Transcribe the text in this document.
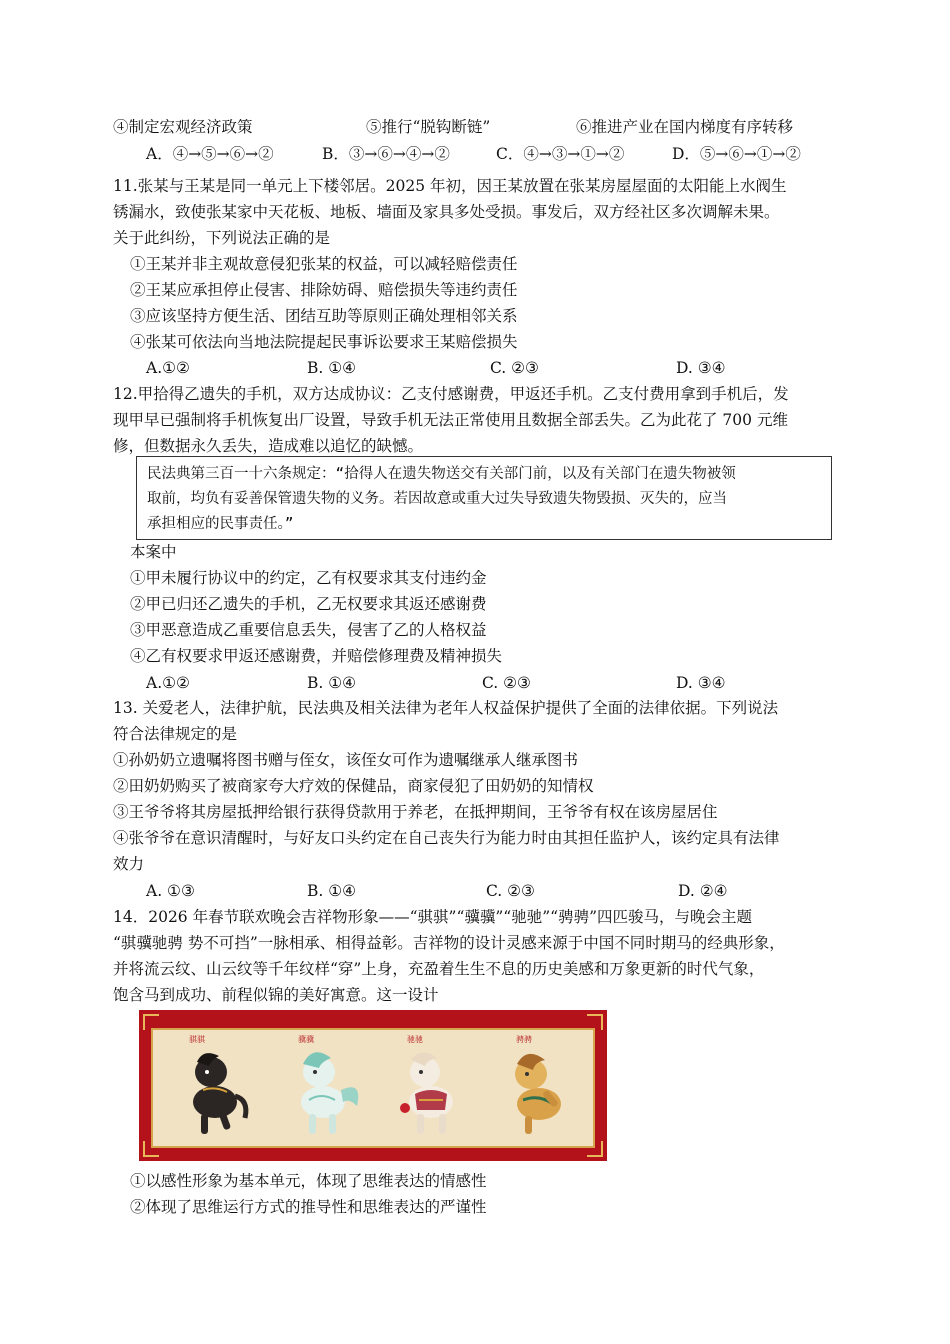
④制定宏观经济政策	⑤推行“脱钩断链”	⑥推进产业在国内梯度有序转移
A．④→⑤→⑥→②	B．③→⑥→④→②	C．④→③→①→②	D．⑤→⑥→①→②
11.张某与王某是同一单元上下楼邻居。2025 年初，因王某放置在张某房屋屋面的太阳能上水阀生
锈漏水，致使张某家中天花板、地板、墙面及家具多处受损。事发后，双方经社区多次调解未果。
关于此纠纷，下列说法正确的是
①王某并非主观故意侵犯张某的权益，可以减轻赔偿责任
②王某应承担停止侵害、排除妨碍、赔偿损失等违约责任
③应该坚持方便生活、团结互助等原则正确处理相邻关系
④张某可依法向当地法院提起民事诉讼要求王某赔偿损失
A.①②	B. ①④	C. ②③	D. ③④
12.甲拾得乙遗失的手机，双方达成协议：乙支付感谢费，甲返还手机。乙支付费用拿到手机后，发
现甲早已强制将手机恢复出厂设置，导致手机无法正常使用且数据全部丢失。乙为此花了 700 元维
修，但数据永久丢失，造成难以追忆的缺憾。
民法典第三百一十六条规定：“拾得人在遗失物送交有关部门前，以及有关部门在遗失物被领
取前，均负有妥善保管遗失物的义务。若因故意或重大过失导致遗失物毁损、灭失的，应当
承担相应的民事责任。”
本案中
①甲未履行协议中的约定，乙有权要求其支付违约金
②甲已归还乙遗失的手机，乙无权要求其返还感谢费
③甲恶意造成乙重要信息丢失，侵害了乙的人格权益
④乙有权要求甲返还感谢费，并赔偿修理费及精神损失
A.①②	B. ①④	C. ②③	D. ③④
13. 关爱老人，法律护航，民法典及相关法律为老年人权益保护提供了全面的法律依据。下列说法
符合法律规定的是
①孙奶奶立遗嘱将图书赠与侄女，该侄女可作为遗嘱继承人继承图书
②田奶奶购买了被商家夸大疗效的保健品，商家侵犯了田奶奶的知情权
③王爷爷将其房屋抵押给银行获得贷款用于养老，在抵押期间，王爷爷有权在该房屋居住
④张爷爷在意识清醒时，与好友口头约定在自己丧失行为能力时由其担任监护人，该约定具有法律
效力
A. ①③	B. ①④	C. ②③	D. ②④
14．2026 年春节联欢晚会吉祥物形象——“骐骐”“骥骥”“驰驰”“骋骋”四匹骏马，与晚会主题
“骐骥驰骋 势不可挡”一脉相承、相得益彰。吉祥物的设计灵感来源于中国不同时期马的经典形象，
并将流云纹、山云纹等千年纹样“穿”上身，充盈着生生不息的历史美感和万象更新的时代气象，
饱含马到成功、前程似锦的美好寓意。这一设计
骐骐	骥骥	驰驰	骋骋
①以感性形象为基本单元，体现了思维表达的情感性
②体现了思维运行方式的推导性和思维表达的严谨性
